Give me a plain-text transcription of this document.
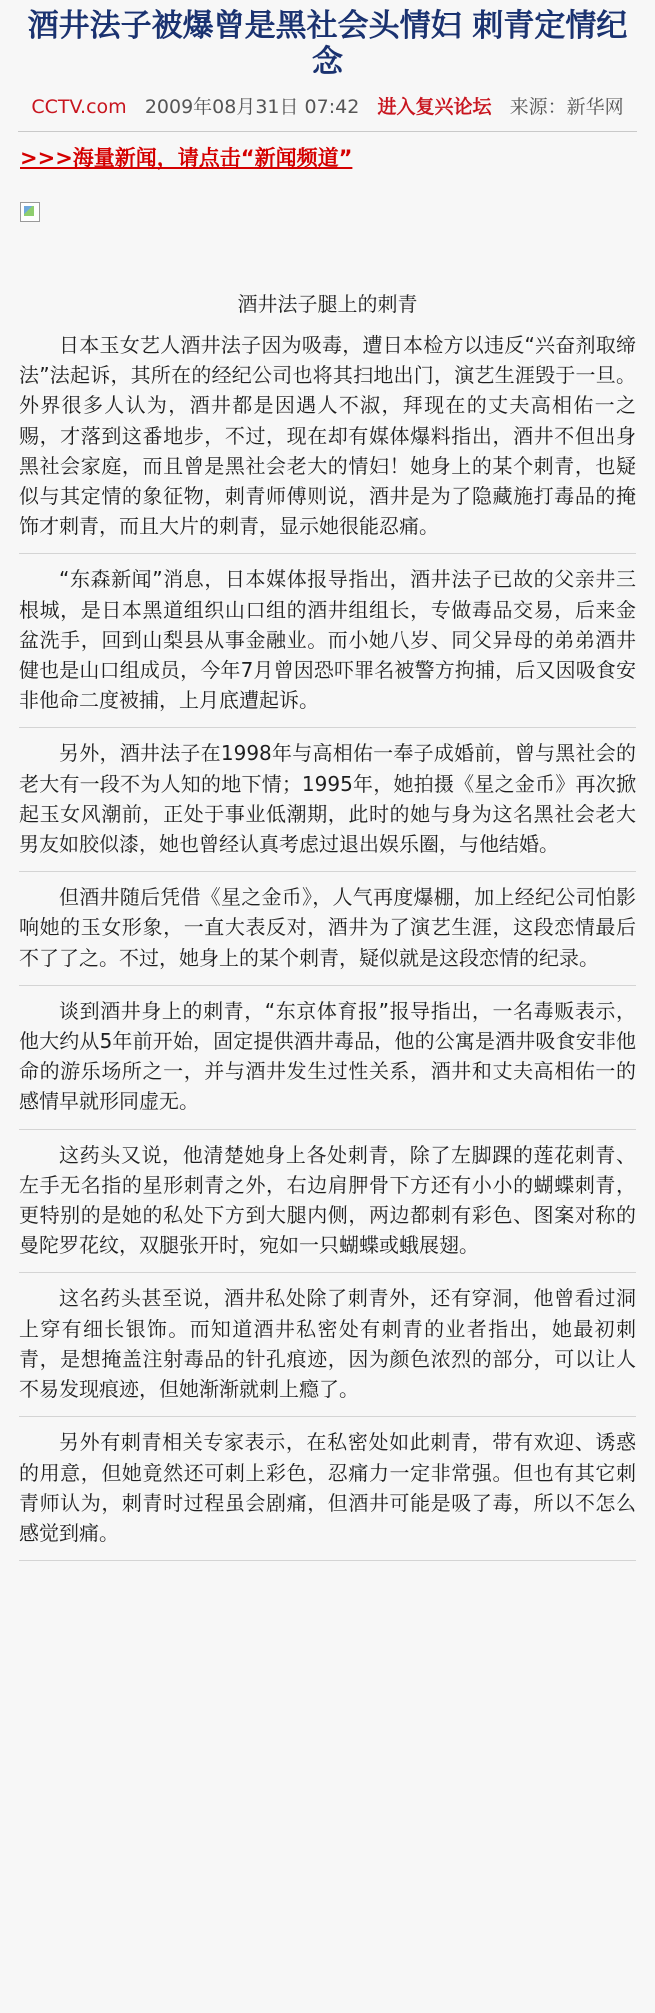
酒井法子被爆曾是黑社会头情妇 刺青定情纪念
CCTV.com 2009年08月31日 07:42 进入复兴论坛 来源：新华网
>>>海量新闻，请点击“新闻频道”
酒井法子腿上的刺青

日本玉女艺人酒井法子因为吸毒，遭日本检方以违反“兴奋剂取缔法”法起诉，其所在的经纪公司也将其扫地出门，演艺生涯毁于一旦。外界很多人认为，酒井都是因遇人不淑，拜现在的丈夫高相佑一之赐，才落到这番地步，不过，现在却有媒体爆料指出，酒井不但出身黑社会家庭，而且曾是黑社会老大的情妇！她身上的某个刺青，也疑似与其定情的象征物，刺青师傅则说，酒井是为了隐藏施打毒品的掩饰才刺青，而且大片的刺青，显示她很能忍痛。

“东森新闻”消息，日本媒体报导指出，酒井法子已故的父亲井三根城，是日本黑道组织山口组的酒井组组长，专做毒品交易，后来金盆洗手，回到山梨县从事金融业。而小她八岁、同父异母的弟弟酒井健也是山口组成员，今年7月曾因恐吓罪名被警方拘捕，后又因吸食安非他命二度被捕，上月底遭起诉。

另外，酒井法子在1998年与高相佑一奉子成婚前，曾与黑社会的老大有一段不为人知的地下情；1995年，她拍摄《星之金币》再次掀起玉女风潮前，正处于事业低潮期，此时的她与身为这名黑社会老大男友如胶似漆，她也曾经认真考虑过退出娱乐圈，与他结婚。

但酒井随后凭借《星之金币》，人气再度爆棚，加上经纪公司怕影响她的玉女形象，一直大表反对，酒井为了演艺生涯，这段恋情最后不了了之。不过，她身上的某个刺青，疑似就是这段恋情的纪录。

谈到酒井身上的刺青，“东京体育报”报导指出，一名毒贩表示，他大约从5年前开始，固定提供酒井毒品，他的公寓是酒井吸食安非他命的游乐场所之一，并与酒井发生过性关系，酒井和丈夫高相佑一的感情早就形同虚无。

这药头又说，他清楚她身上各处刺青，除了左脚踝的莲花刺青、左手无名指的星形刺青之外，右边肩胛骨下方还有小小的蝴蝶刺青，更特别的是她的私处下方到大腿内侧，两边都刺有彩色、图案对称的曼陀罗花纹，双腿张开时，宛如一只蝴蝶或蛾展翅。

这名药头甚至说，酒井私处除了刺青外，还有穿洞，他曾看过洞上穿有细长银饰。而知道酒井私密处有刺青的业者指出，她最初刺青，是想掩盖注射毒品的针孔痕迹，因为颜色浓烈的部分，可以让人不易发现痕迹，但她渐渐就刺上瘾了。

另外有刺青相关专家表示，在私密处如此刺青，带有欢迎、诱惑的用意，但她竟然还可刺上彩色，忍痛力一定非常强。但也有其它刺青师认为，刺青时过程虽会剧痛，但酒井可能是吸了毒，所以不怎么感觉到痛。
